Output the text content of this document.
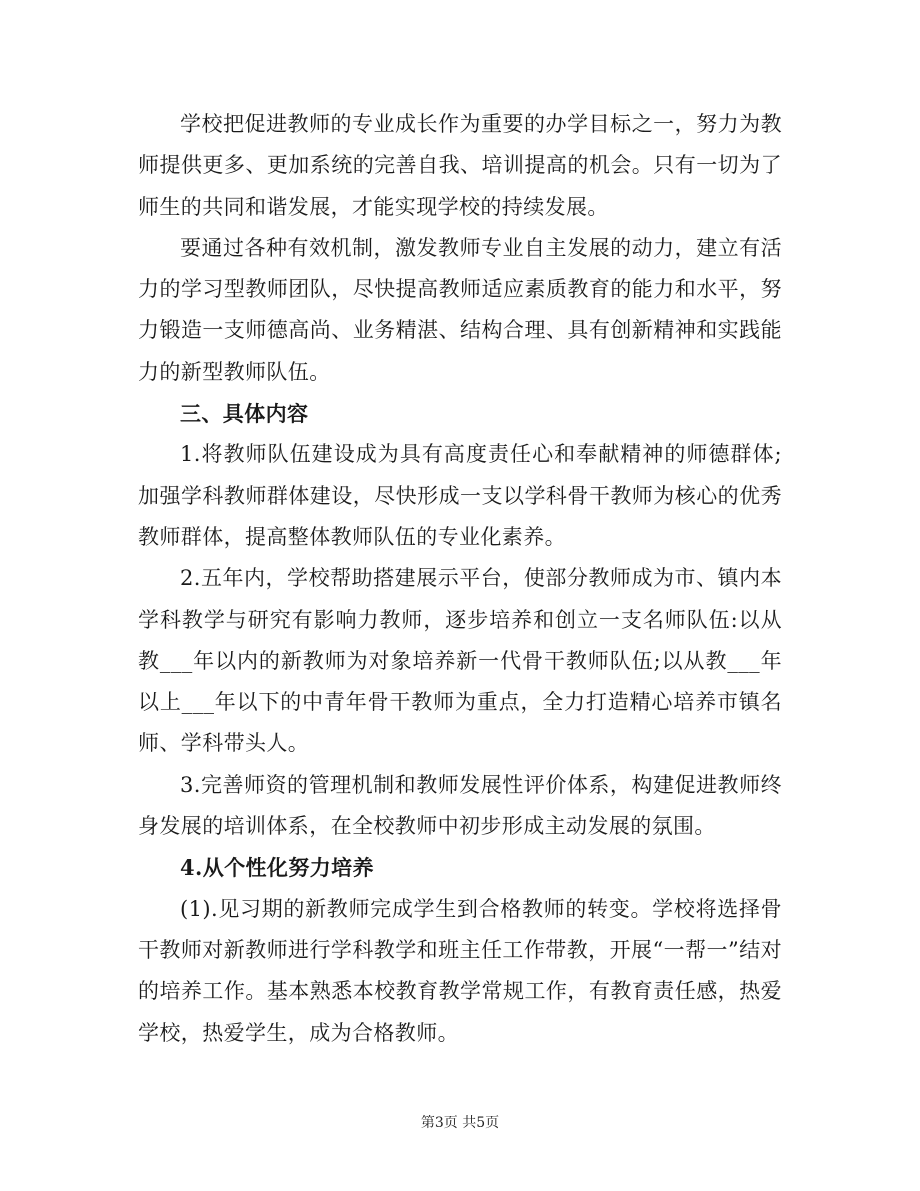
学校把促进教师的专业成长作为重要的办学目标之一，努力为教师提供更多、更加系统的完善自我、培训提高的机会。只有一切为了师生的共同和谐发展，才能实现学校的持续发展。

要通过各种有效机制，激发教师专业自主发展的动力，建立有活力的学习型教师团队，尽快提高教师适应素质教育的能力和水平，努力锻造一支师德高尚、业务精湛、结构合理、具有创新精神和实践能力的新型教师队伍。

三、具体内容

1.将教师队伍建设成为具有高度责任心和奉献精神的师德群体;加强学科教师群体建设，尽快形成一支以学科骨干教师为核心的优秀教师群体，提高整体教师队伍的专业化素养。

2.五年内，学校帮助搭建展示平台，使部分教师成为市、镇内本学科教学与研究有影响力教师，逐步培养和创立一支名师队伍:以从教___年以内的新教师为对象培养新一代骨干教师队伍;以从教___年以上___年以下的中青年骨干教师为重点，全力打造精心培养市镇名师、学科带头人。

3.完善师资的管理机制和教师发展性评价体系，构建促进教师终身发展的培训体系，在全校教师中初步形成主动发展的氛围。

4.从个性化努力培养

(1).见习期的新教师完成学生到合格教师的转变。学校将选择骨干教师对新教师进行学科教学和班主任工作带教，开展“一帮一”结对的培养工作。基本熟悉本校教育教学常规工作，有教育责任感，热爱学校，热爱学生，成为合格教师。

第3页 共5页
